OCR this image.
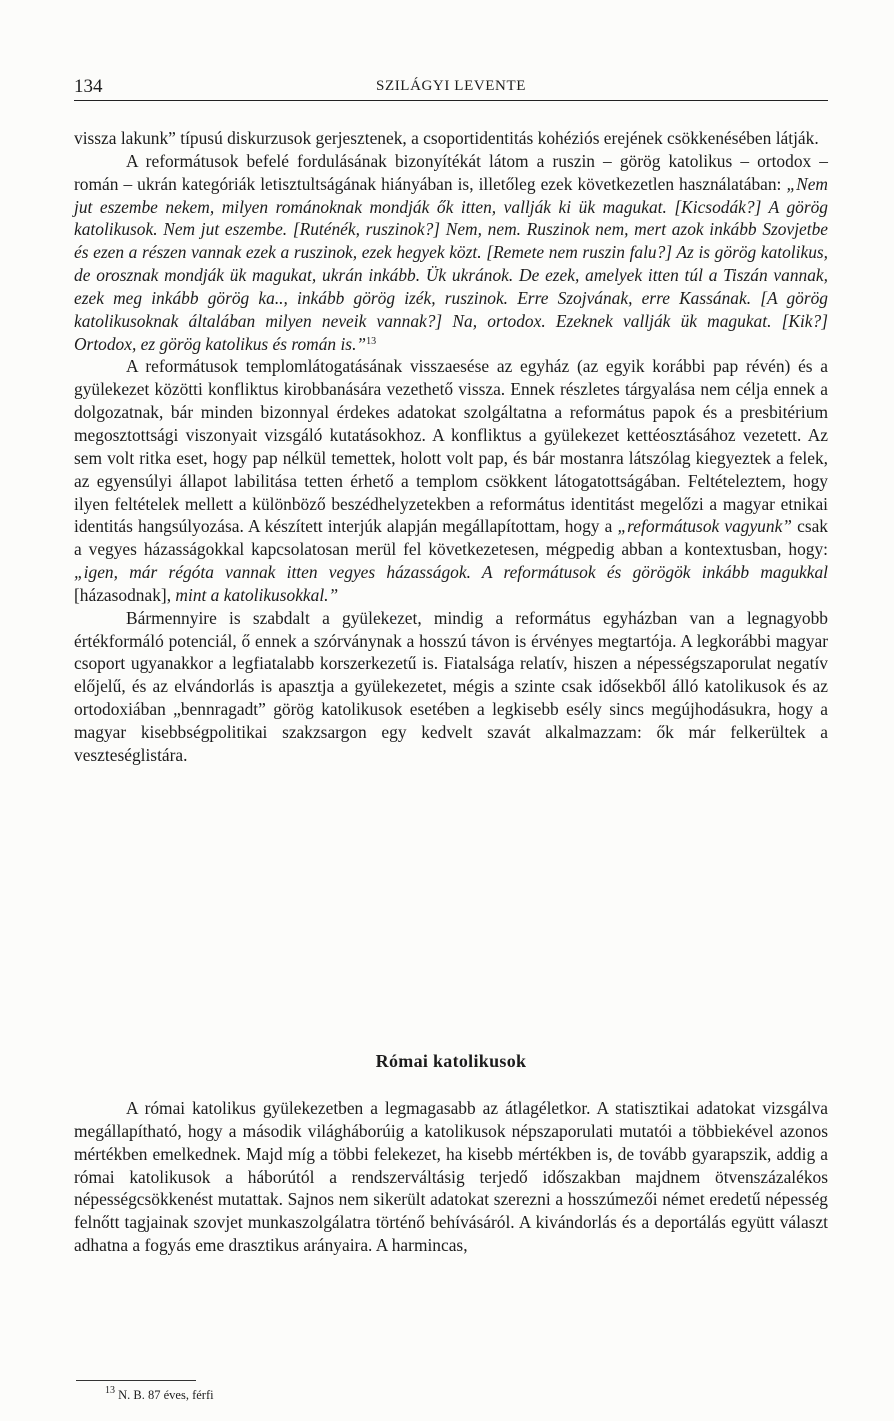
134	SZILÁGYI LEVENTE

vissza lakunk” típusú diskurzusok gerjesztenek, a csoportidentitás kohéziós erejének csökkenésében látják.

A reformátusok befelé fordulásának bizonyítékát látom a ruszin – görög katolikus – ortodox – román – ukrán kategóriák letisztultságának hiányában is, illetőleg ezek következetlen használatában: „Nem jut eszembe nekem, milyen románoknak mondják ők itten, vallják ki ük magukat. [Kicsodák?] A görög katolikusok. Nem jut eszembe. [Ruténék, ruszinok?] Nem, nem. Ruszinok nem, mert azok inkább Szovjetbe és ezen a részen vannak ezek a ruszinok, ezek hegyek közt. [Remete nem ruszin falu?] Az is görög katolikus, de orosznak mondják ük magukat, ukrán inkább. Ük ukránok. De ezek, amelyek itten túl a Tiszán vannak, ezek meg inkább görög ka.., inkább görög izék, ruszinok. Erre Szojvának, erre Kassának. [A görög katolikusoknak általában milyen neveik vannak?] Na, ortodox. Ezeknek vallják ük magukat. [Kik?] Ortodox, ez görög katolikus és román is.”$^{13}$

A reformátusok templomlátogatásának visszaesése az egyház (az egyik korábbi pap révén) és a gyülekezet közötti konfliktus kirobbanására vezethető vissza. Ennek részletes tárgyalása nem célja ennek a dolgozatnak, bár minden bizonnyal érdekes adatokat szolgáltatna a református papok és a presbitérium megosztottsági viszonyait vizsgáló kutatásokhoz. A konfliktus a gyülekezet kettéosztásához vezetett. Az sem volt ritka eset, hogy pap nélkül temettek, holott volt pap, és bár mostanra látszólag kiegyeztek a felek, az egyensúlyi állapot labilitása tetten érhető a templom csökkent látogatottságában. Feltételeztem, hogy ilyen feltételek mellett a különböző beszédhelyzetekben a református identitást megelőzi a magyar etnikai identitás hangsúlyozása. A készített interjúk alapján megállapítottam, hogy a „reformátusok vagyunk” csak a vegyes házasságokkal kapcsolatosan merül fel következetesen, mégpedig abban a kontextusban, hogy: „igen, már régóta vannak itten vegyes házasságok. A reformátusok és görögök inkább magukkal [házasodnak], mint a katolikusokkal.”

Bármennyire is szabdalt a gyülekezet, mindig a református egyházban van a legnagyobb értékformáló potenciál, ő ennek a szórványnak a hosszú távon is érvényes megtartója. A legkorábbi magyar csoport ugyanakkor a legfiatalabb korszerkezetű is. Fiatalsága relatív, hiszen a népességszaporulat negatív előjelű, és az elvándorlás is apasztja a gyülekezetet, mégis a szinte csak idősekből álló katolikusok és az ortodoxiában „bennragadt” görög katolikusok esetében a legkisebb esély sincs megújhodásukra, hogy a magyar kisebbségpolitikai szakzsargon egy kedvelt szavát alkalmazzam: ők már felkerültek a veszteséglistára.

Római katolikusok

A római katolikus gyülekezetben a legmagasabb az átlagéletkor. A statisztikai adatokat vizsgálva megállapítható, hogy a második világháborúig a katolikusok népszaporulati mutatói a többiekével azonos mértékben emelkednek. Majd míg a többi felekezet, ha kisebb mértékben is, de tovább gyarapszik, addig a római katolikusok a háborútól a rendszerváltásig terjedő időszakban majdnem ötvenszázalékos népességcsökkenést mutattak. Sajnos nem sikerült adatokat szerezni a hosszúmezői német eredetű népesség felnőtt tagjainak szovjet munkaszolgálatra történő behívásáról. A kivándorlás és a deportálás együtt választ adhatna a fogyás eme drasztikus arányaira. A harmincas,

$^{13}$ N. B. 87 éves, férfi
